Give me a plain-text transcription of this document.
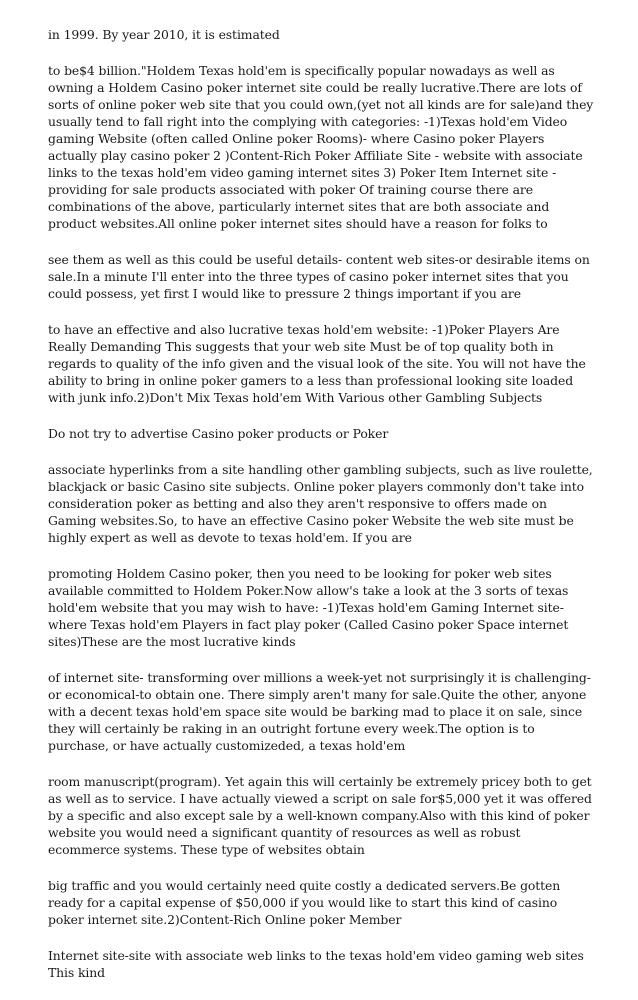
in 1999. By year 2010, it is estimated

to be$4 billion."Holdem Texas hold'em is specifically popular nowadays as well as owning a Holdem Casino poker internet site could be really lucrative.There are lots of sorts of online poker web site that you could own,(yet not all kinds are for sale)and they usually tend to fall right into the complying with categories: -1)Texas hold'em Video gaming Website (often called Online poker Rooms)- where Casino poker Players actually play casino poker 2 )Content-Rich Poker Affiliate Site - website with associate links to the texas hold'em video gaming internet sites 3) Poker Item Internet site -providing for sale products associated with poker Of training course there are combinations of the above, particularly internet sites that are both associate and product websites.All online poker internet sites should have a reason for folks to

see them as well as this could be useful details- content web sites-or desirable items on sale.In a minute I'll enter into the three types of casino poker internet sites that you could possess, yet first I would like to pressure 2 things important if you are

to have an effective and also lucrative texas hold'em website: -1)Poker Players Are Really Demanding This suggests that your web site Must be of top quality both in regards to quality of the info given and the visual look of the site. You will not have the ability to bring in online poker gamers to a less than professional looking site loaded with junk info.2)Don't Mix Texas hold'em With Various other Gambling Subjects

Do not try to advertise Casino poker products or Poker

associate hyperlinks from a site handling other gambling subjects, such as live roulette, blackjack or basic Casino site subjects. Online poker players commonly don't take into consideration poker as betting and also they aren't responsive to offers made on Gaming websites.So, to have an effective Casino poker Website the web site must be highly expert as well as devote to texas hold'em. If you are

promoting Holdem Casino poker, then you need to be looking for poker web sites available committed to Holdem Poker.Now allow's take a look at the 3 sorts of texas hold'em website that you may wish to have: -1)Texas hold'em Gaming Internet site-where Texas hold'em Players in fact play poker (Called Casino poker Space internet sites)These are the most lucrative kinds

of internet site- transforming over millions a week-yet not surprisingly it is challenging-or economical-to obtain one. There simply aren't many for sale.Quite the other, anyone with a decent texas hold'em space site would be barking mad to place it on sale, since they will certainly be raking in an outright fortune every week.The option is to purchase, or have actually customizeded, a texas hold'em

room manuscript(program). Yet again this will certainly be extremely pricey both to get as well as to service. I have actually viewed a script on sale for$5,000 yet it was offered by a specific and also except sale by a well-known company.Also with this kind of poker website you would need a significant quantity of resources as well as robust ecommerce systems. These type of websites obtain

big traffic and you would certainly need quite costly a dedicated servers.Be gotten ready for a capital expense of $50,000 if you would like to start this kind of casino poker internet site.2)Content-Rich Online poker Member

Internet site-site with associate web links to the texas hold'em video gaming web sites This kind
